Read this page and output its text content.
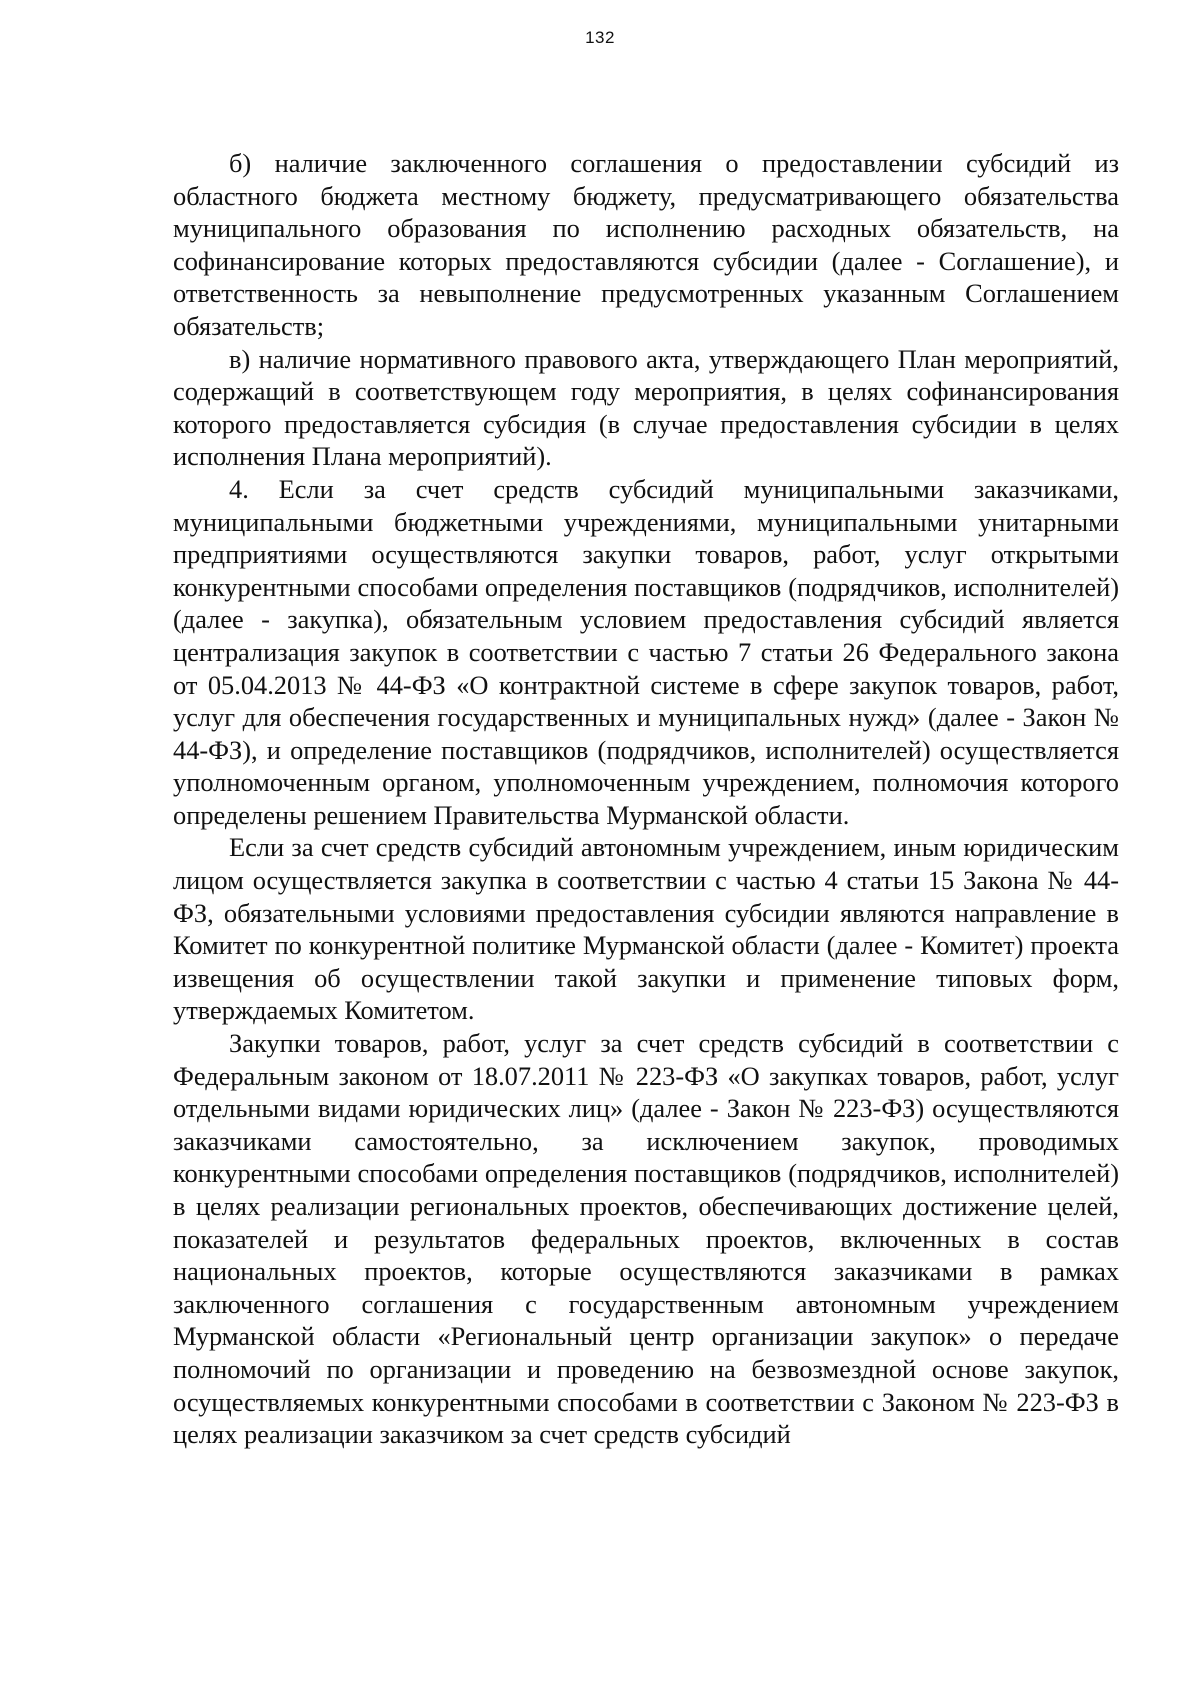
132

б) наличие заключенного соглашения о предоставлении субсидий из областного бюджета местному бюджету, предусматривающего обязательства муниципального образования по исполнению расходных обязательств, на софинансирование которых предоставляются субсидии (далее - Соглашение), и ответственность за невыполнение предусмотренных указанным Соглашением обязательств;

в) наличие нормативного правового акта, утверждающего План мероприятий, содержащий в соответствующем году мероприятия, в целях софинансирования которого предоставляется субсидия (в случае предоставления субсидии в целях исполнения Плана мероприятий).

4. Если за счет средств субсидий муниципальными заказчиками, муниципальными бюджетными учреждениями, муниципальными унитарными предприятиями осуществляются закупки товаров, работ, услуг открытыми конкурентными способами определения поставщиков (подрядчиков, исполнителей) (далее - закупка), обязательным условием предоставления субсидий является централизация закупок в соответствии с частью 7 статьи 26 Федерального закона от 05.04.2013 № 44-ФЗ «О контрактной системе в сфере закупок товаров, работ, услуг для обеспечения государственных и муниципальных нужд» (далее - Закон № 44-ФЗ), и определение поставщиков (подрядчиков, исполнителей) осуществляется уполномоченным органом, уполномоченным учреждением, полномочия которого определены решением Правительства Мурманской области.

Если за счет средств субсидий автономным учреждением, иным юридическим лицом осуществляется закупка в соответствии с частью 4 статьи 15 Закона № 44-ФЗ, обязательными условиями предоставления субсидии являются направление в Комитет по конкурентной политике Мурманской области (далее - Комитет) проекта извещения об осуществлении такой закупки и применение типовых форм, утверждаемых Комитетом.

Закупки товаров, работ, услуг за счет средств субсидий в соответствии с Федеральным законом от 18.07.2011 № 223-ФЗ «О закупках товаров, работ, услуг отдельными видами юридических лиц» (далее - Закон № 223-ФЗ) осуществляются заказчиками самостоятельно, за исключением закупок, проводимых конкурентными способами определения поставщиков (подрядчиков, исполнителей) в целях реализации региональных проектов, обеспечивающих достижение целей, показателей и результатов федеральных проектов, включенных в состав национальных проектов, которые осуществляются заказчиками в рамках заключенного соглашения с государственным автономным учреждением Мурманской области «Региональный центр организации закупок» о передаче полномочий по организации и проведению на безвозмездной основе закупок, осуществляемых конкурентными способами в соответствии с Законом № 223-ФЗ в целях реализации заказчиком за счет средств субсидий
